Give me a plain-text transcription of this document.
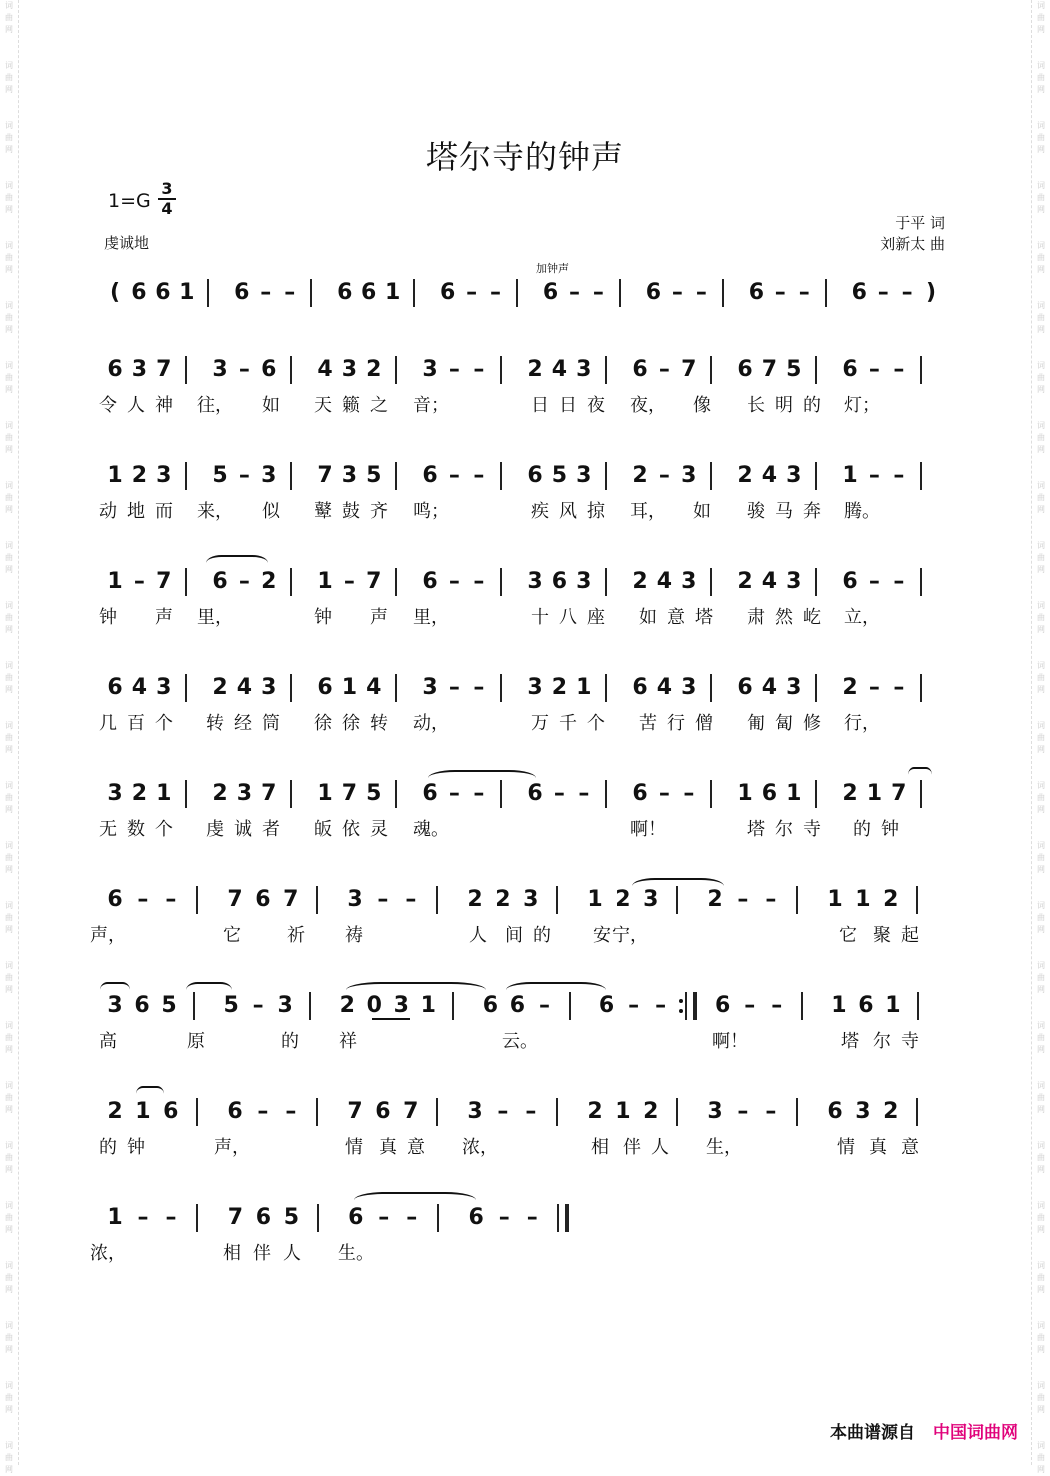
词
曲
网
词
曲
网
词
曲
网
词
曲
网
词
曲
网
词
曲
网
词
曲
网
词
曲
网
词
曲
网
词
曲
网
词
曲
网
词
曲
网
词
曲
网
词
曲
网
词
曲
网
词
曲
网
词
曲
网
词
曲
网
词
曲
网
词
曲
网
词
曲
网
词
曲
网
词
曲
网
词
曲
网
词
曲
网
词
曲
网
词
曲
网
词
曲
网
词
曲
网
词
曲
网
词
曲
网
词
曲
网
词
曲
网
词
曲
网
词
曲
网
词
曲
网
词
曲
网
词
曲
网
词
曲
网
词
曲
网
词
曲
网
词
曲
网
词
曲
网
词
曲
网
词
曲
网
词
曲
网
词
曲
网
词
曲
网
词
曲
网
词
曲
网
塔尔寺的钟声
1=G
3
4
虔诚地
于平 词
刘新太 曲
加钟声
( 6 6 1 6 – – 6 6 1 6 – – 6 – – 6 – – 6 – – 6 – – )
6 3 7 3 – 6 4 3 2 3 – – 2 4 3 6 – 7 6 7 5 6 – –
令 人 神 往， 如 天 籁 之 音；	日 日 夜 夜， 像 长 明 的 灯；
1 2 3 5 – 3 7 3 5 6 – – 6 5 3 2 – 3 2 4 3 1 – –
动 地 而 来， 似 鼙 鼓 齐 鸣；	疾 风 掠 耳， 如 骏 马 奔 腾。
1 – 7 6 – 2 1 – 7 6 – – 3 6 3 2 4 3 2 4 3 6 – –
钟 声 里，	钟 声 里，	十 八 座 如 意 塔 肃 然 屹 立，
6 4 3 2 4 3 6 1 4 3 – – 3 2 1 6 4 3 6 4 3 2 – –
几 百 个 转 经 筒 徐 徐 转 动，	万 千 个 苦 行 僧 匍 匐 修 行，
3 2 1 2 3 7 1 7 5 6 – – 6 – – 6 – – 1 6 1 2 1 7
无 数 个 虔 诚 者 皈 依 灵 魂。	啊！	塔 尔 寺 的 钟
6 – – 7 6 7 3 – – 2 2 3 1 2 3 2 – – 1 1 2
声，	它	祈 祷	人 间 的 安 宁，	它 聚 起
3 6 5 5 – 3 2 0 3 1 6 6 – 6 – – 6 – – 1 6 1
高	原	的 祥	云。	啊！	塔 尔 寺
2 1 6 6 – – 7 6 7 3 – – 2 1 2 3 – – 6 3 2
的 钟	声，	情 真 意 浓，	相 伴 人 生，	情 真 意
1 – – 7 6 5 6 – – 6 – –
浓，	相 伴 人 生。
本曲谱源自 中国词曲网
